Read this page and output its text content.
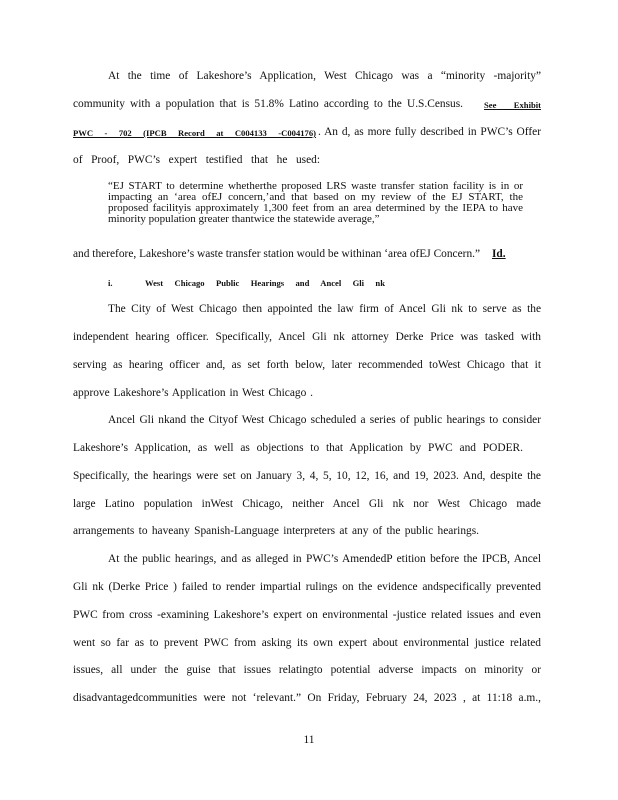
At the time of Lakeshore’s Application, West Chicago was a “minority -majority”
community with a population that is 51.8% Latino according to the U.S.Census. See Exhibit
PWC - 702 (IPCB Record at C004133 -C004176) . An d, as more fully described in PWC’s Offer
of Proof, PWC’s expert testified that he used:
“EJ START to determine whetherthe proposed LRS waste transfer station facility is in or
impacting an ‘area ofEJ concern,’and that based on my review of the EJ START, the
proposed facilityis approximately 1,300 feet from an area determined by the IEPA to have
minority population greater thantwice the statewide average,”
and therefore, Lakeshore’s waste transfer station would be withinan ‘area ofEJ Concern.” Id.
i.	West Chicago Public Hearings and Ancel Gli nk
The City of West Chicago then appointed the law firm of Ancel Gli nk to serve as the
independent hearing officer. Specifically, Ancel Gli nk attorney Derke Price was tasked with
serving as hearing officer and, as set forth below, later recommended toWest Chicago that it
approve Lakeshore’s Application in West Chicago .
Ancel Gli nkand the Cityof West Chicago scheduled a series of public hearings to consider
Lakeshore’s Application, as well as objections to that Application by PWC and PODER.
Specifically, the hearings were set on January 3, 4, 5, 10, 12, 16, and 19, 2023. And, despite the
large Latino population inWest Chicago, neither Ancel Gli nk nor West Chicago made
arrangements to haveany Spanish-Language interpreters at any of the public hearings.
At the public hearings, and as alleged in PWC’s AmendedP etition before the IPCB, Ancel
Gli nk (Derke Price ) failed to render impartial rulings on the evidence andspecifically prevented
PWC from cross -examining Lakeshore’s expert on environmental -justice related issues and even
went so far as to prevent PWC from asking its own expert about environmental justice related
issues, all under the guise that issues relatingto potential adverse impacts on minority or
disadvantagedcommunities were not ‘relevant.” On Friday, February 24, 2023 , at 11:18 a.m.,
11
